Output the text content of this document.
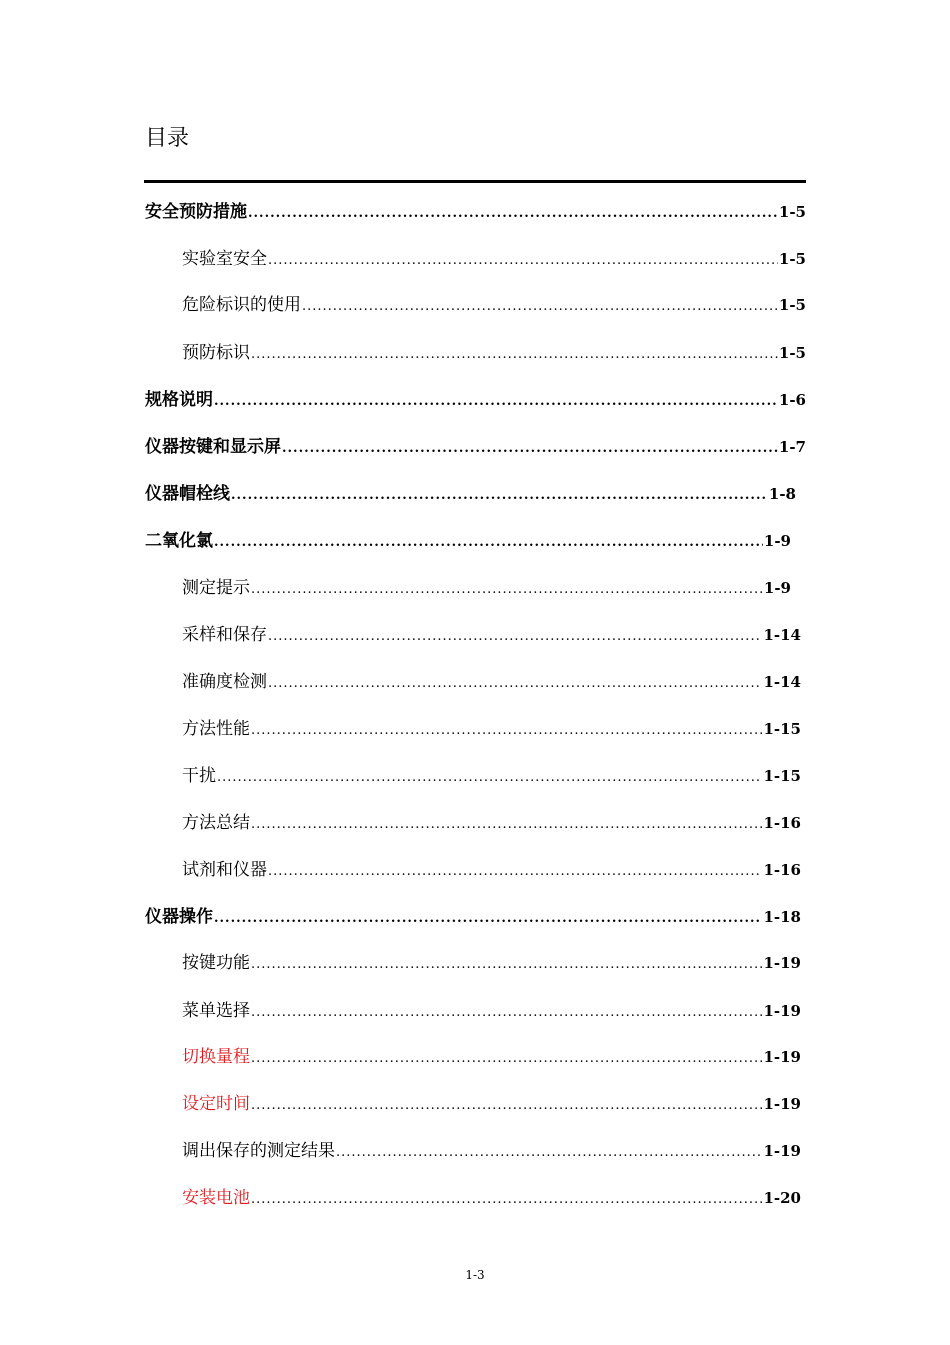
目录
安全预防措施 .....	1-5
实验室安全 .....	1-5
危险标识的使用 .....	1-5
预防标识 .....	1-5
规格说明 .....	1-6
仪器按键和显示屏 .....	1-7
仪器帽栓线 .....	1-8
二氧化氯 .....	1-9
测定提示 .....	1-9
采样和保存 .....	1-14
准确度检测 .....	1-14
方法性能 .....	1-15
干扰 .....	1-15
方法总结 .....	1-16
试剂和仪器 .....	1-16
仪器操作 .....	1-18
按键功能 .....	1-19
菜单选择 .....	1-19
切换量程 .....	1-19
设定时间 .....	1-19
调出保存的测定结果 .....	1-19
安装电池 .....	1-20
1-3
